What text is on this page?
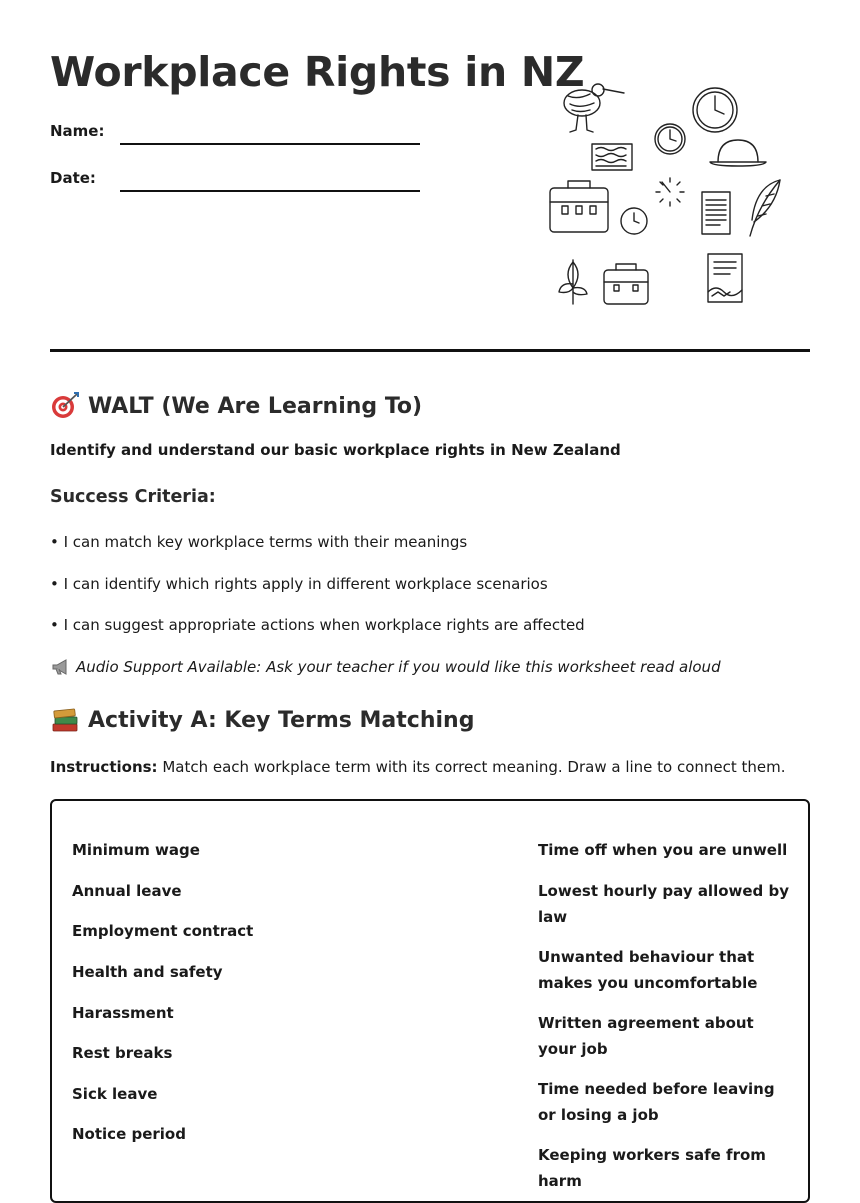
Workplace Rights in NZ
Name:
Date:
WALT (We Are Learning To)
Identify and understand our basic workplace rights in New Zealand
Success Criteria:
• I can match key workplace terms with their meanings
• I can identify which rights apply in different workplace scenarios
• I can suggest appropriate actions when workplace rights are affected
Audio Support Available: Ask your teacher if you would like this worksheet read aloud
Activity A: Key Terms Matching
Instructions: Match each workplace term with its correct meaning. Draw a line to connect them.
Minimum wage
Annual leave
Employment contract
Health and safety
Harassment
Rest breaks
Sick leave
Notice period
Time off when you are unwell
Lowest hourly pay allowed by law
Unwanted behaviour that makes you uncomfortable
Written agreement about your job
Time needed before leaving or losing a job
Keeping workers safe from harm
